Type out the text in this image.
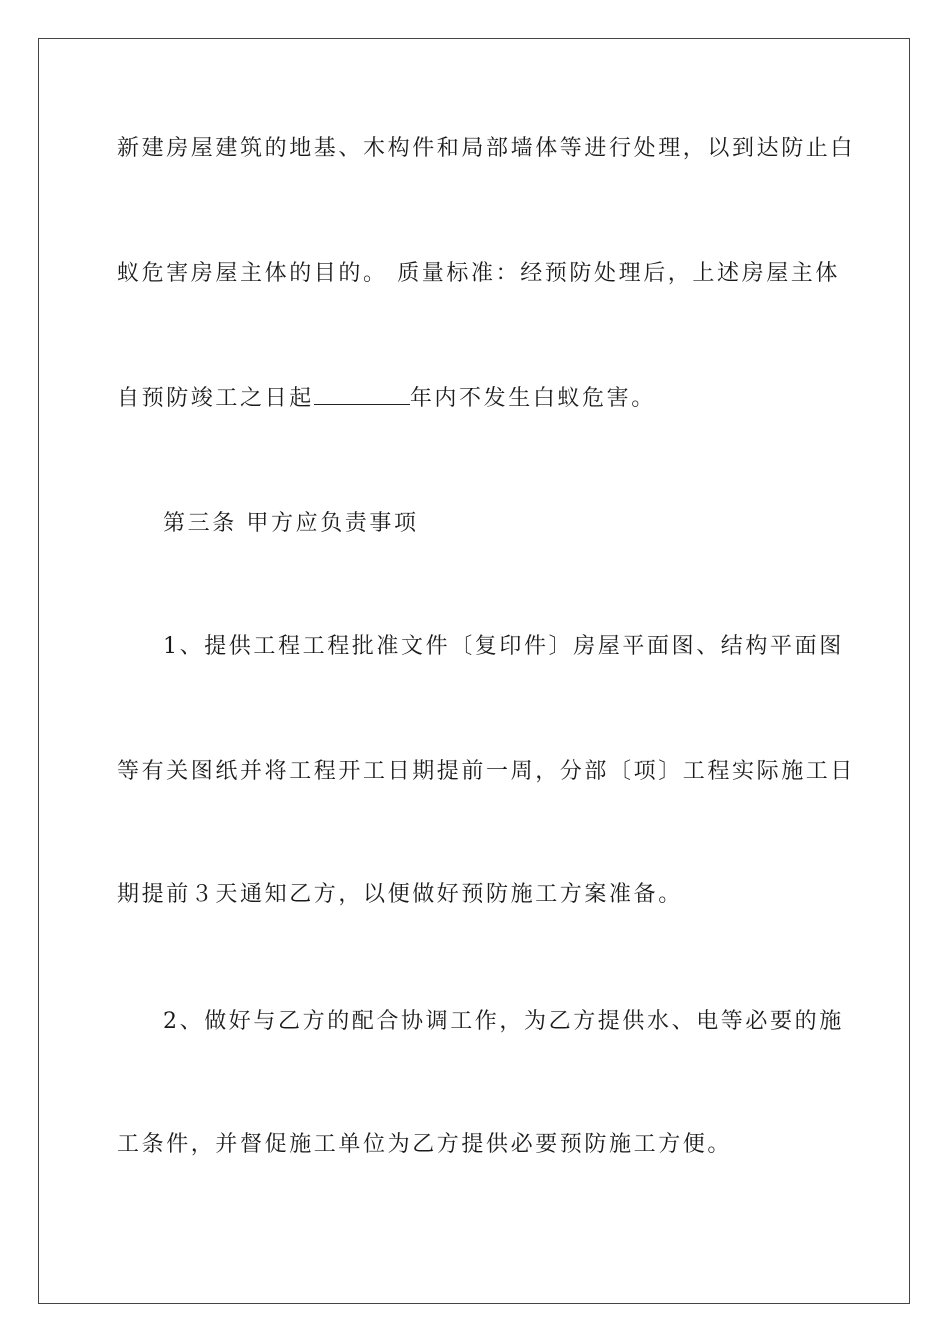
新建房屋建筑的地基、木构件和局部墙体等进行处理，以到达防止白
蚁危害房屋主体的目的。 质量标准：经预防处理后，上述房屋主体
自预防竣工之日起	年内不发生白蚁危害。
第三条 甲方应负责事项
1、提供工程工程批准文件〔复印件〕房屋平面图、结构平面图
等有关图纸并将工程开工日期提前一周，分部〔项〕工程实际施工日
期提前３天通知乙方，以便做好预防施工方案准备。
2、做好与乙方的配合协调工作，为乙方提供水、电等必要的施
工条件，并督促施工单位为乙方提供必要预防施工方便。
